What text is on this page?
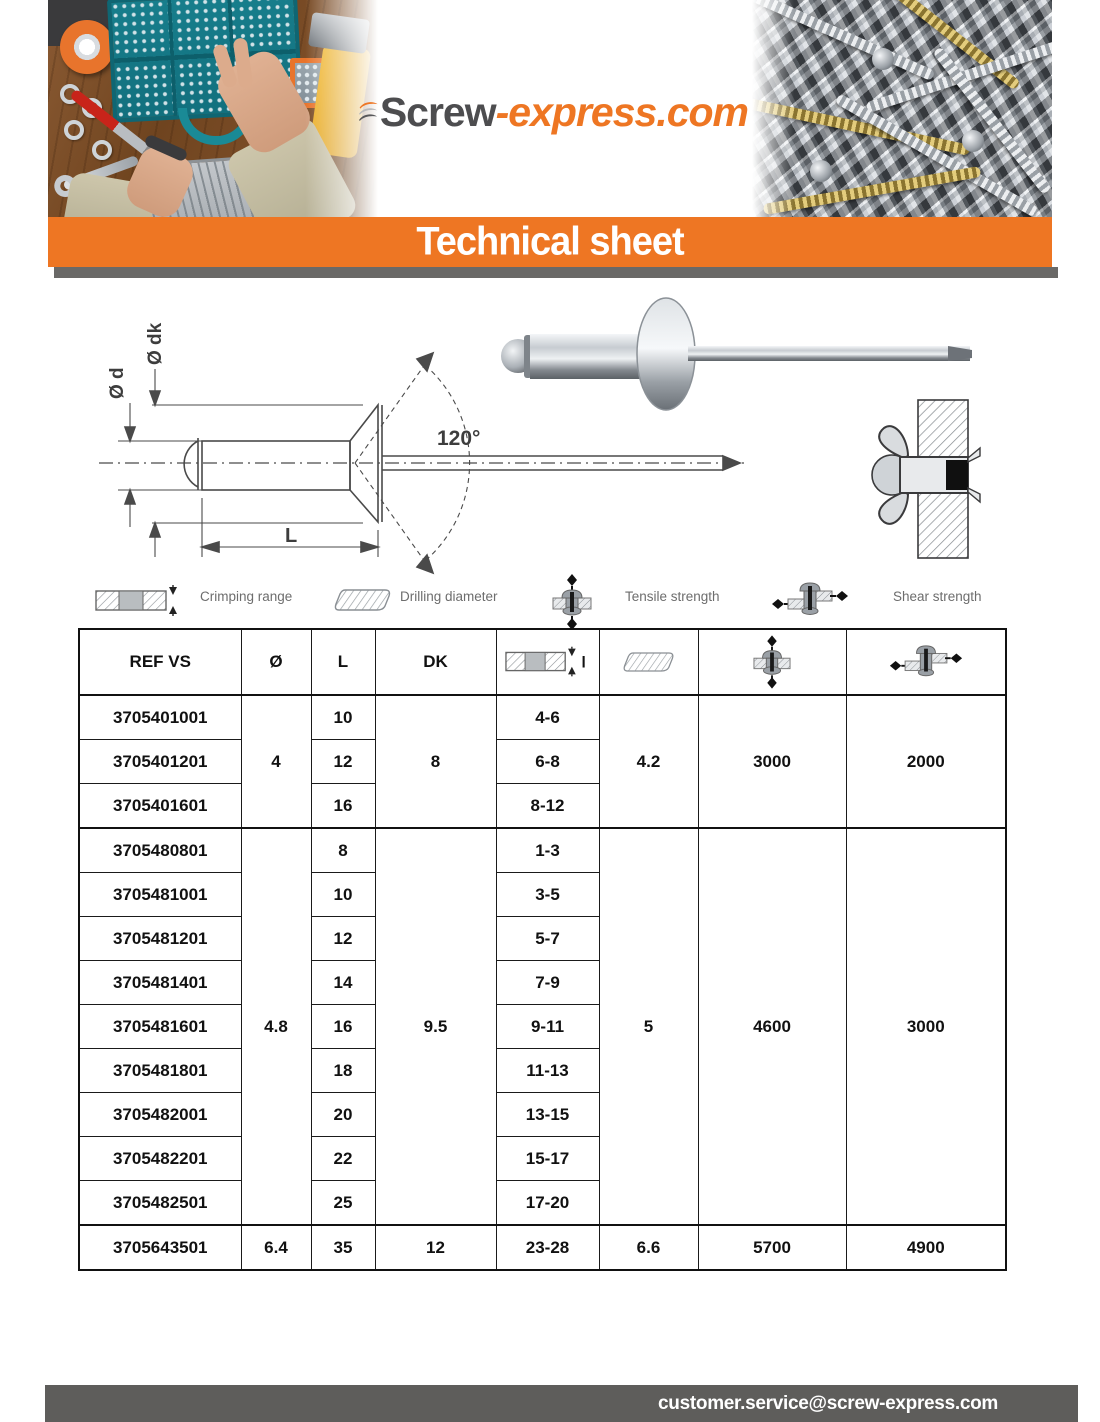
Screw-express.com
Technical sheet
Ø d
Ø dk
120°
L
Crimping range	Drilling diameter	Tensile strength	Shear strength
REF VS	Ø	L	DK	l

3705401001	4	10	8	4-6	4.2	3000	2000
3705401201		12		6-8			
3705401601		16		8-12			
3705480801	4.8	8	9.5	1-3	5	4600	3000
3705481001		10		3-5			
3705481201		12		5-7			
3705481401		14		7-9			
3705481601		16		9-11			
3705481801		18		11-13			
3705482001		20		13-15			
3705482201		22		15-17			
3705482501		25		17-20			
3705643501	6.4	35	12	23-28	6.6	5700	4900
customer.service@screw-express.com
